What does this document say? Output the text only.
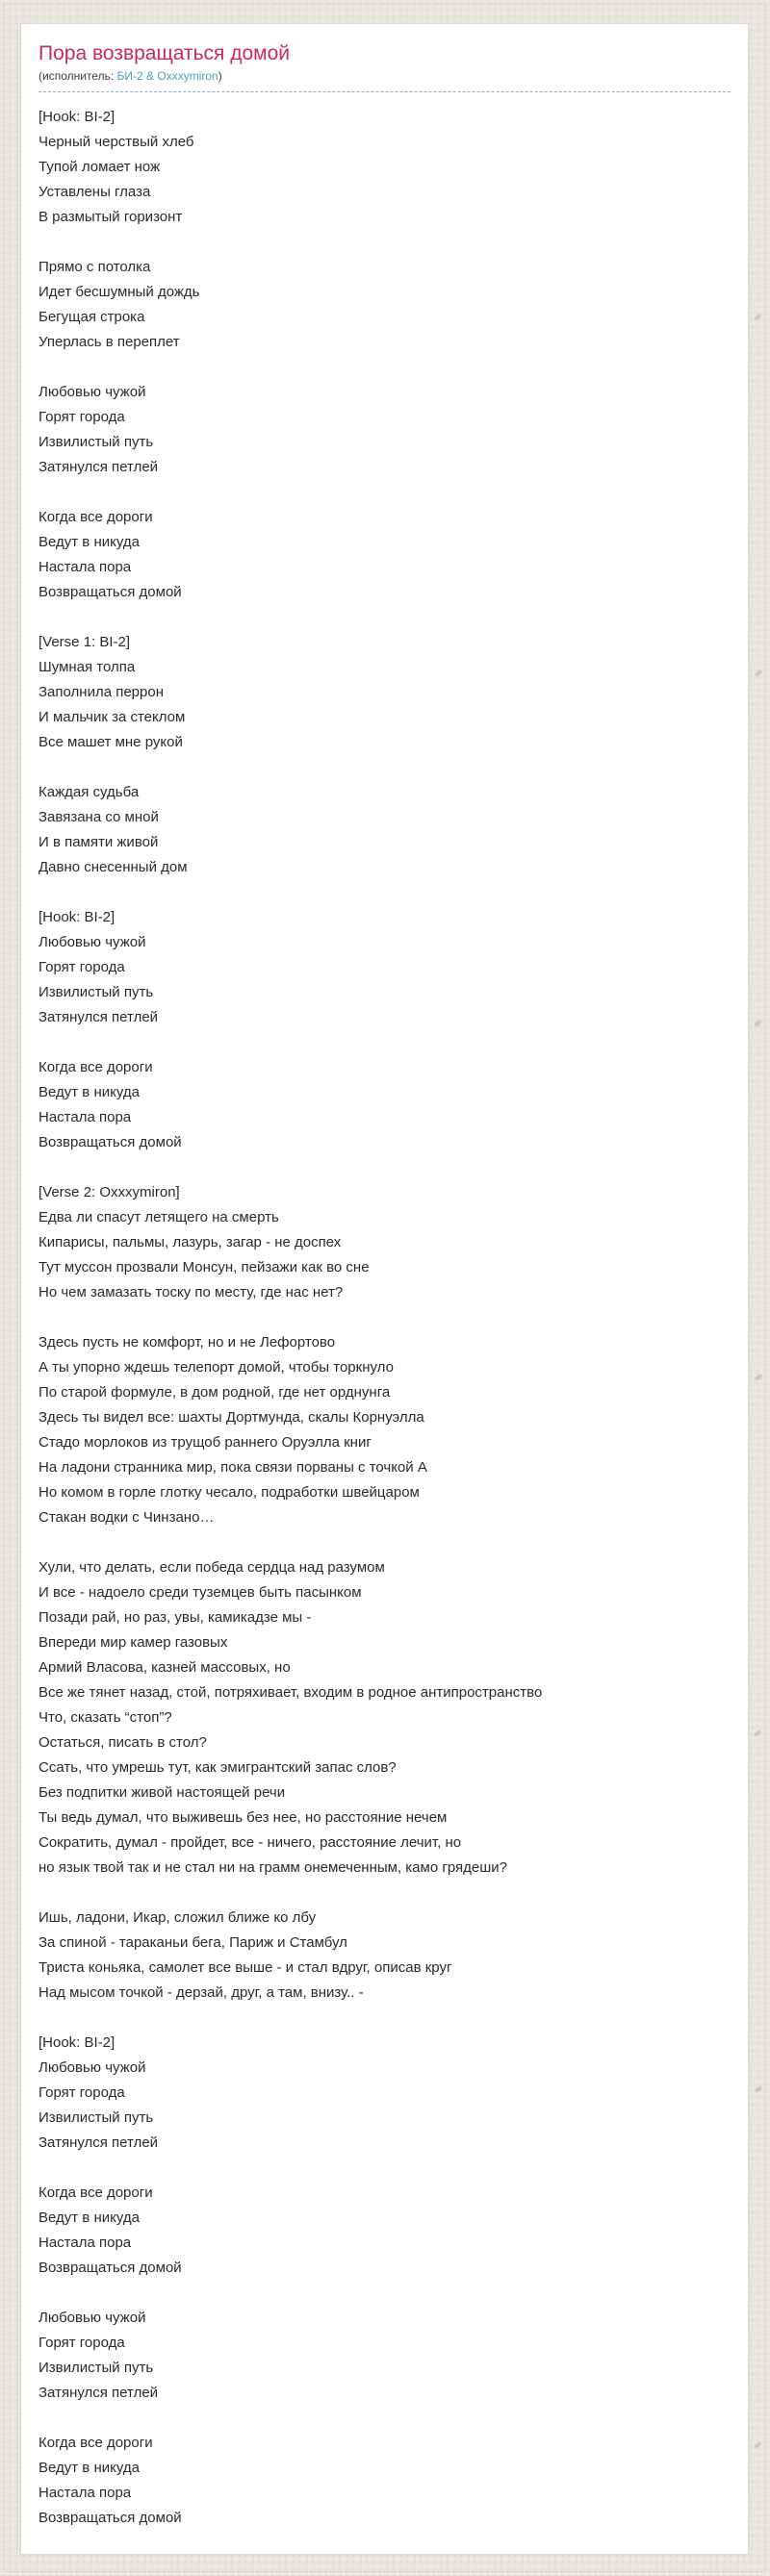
Пора возвращаться домой
(исполнитель: БИ-2 & Oxxxymiron)
[Hook: BI-2]
Черный черствый хлеб
Тупой ломает нож
Уставлены глаза
В размытый горизонт

Прямо с потолка
Идет бесшумный дождь
Бегущая строка
Уперлась в переплет

Любовью чужой
Горят города
Извилистый путь
Затянулся петлей

Когда все дороги
Ведут в никуда
Настала пора
Возвращаться домой

[Verse 1: BI-2]
Шумная толпа
Заполнила перрон
И мальчик за стеклом
Все машет мне рукой

Каждая судьба
Завязана со мной
И в памяти живой
Давно снесенный дом

[Hook: BI-2]
Любовью чужой
Горят города
Извилистый путь
Затянулся петлей

Когда все дороги
Ведут в никуда
Настала пора
Возвращаться домой

[Verse 2: Oxxxymiron]
Едва ли спасут летящего на смерть
Кипарисы, пальмы, лазурь, загар - не доспех
Тут муссон прозвали Монсун, пейзажи как во сне
Но чем замазать тоску по месту, где нас нет?

Здесь пусть не комфорт, но и не Лефортово
А ты упорно ждешь телепорт домой, чтобы торкнуло
По старой формуле, в дом родной, где нет орднунга
Здесь ты видел все: шахты Дортмунда, скалы Корнуэлла
Стадо морлоков из трущоб раннего Оруэлла книг
На ладони странника мир, пока связи порваны с точкой А
Но комом в горле глотку чесало, подработки швейцаром
Стакан водки с Чинзано…

Хули, что делать, если победа сердца над разумом
И все - надоело среди туземцев быть пасынком
Позади рай, но раз, увы, камикадзе мы -
Впереди мир камер газовых
Армий Власова, казней массовых, но
Все же тянет назад, стой, потряхивает, входим в родное антипространство
Что, сказать “стоп”?
Остаться, писать в стол?
Ссать, что умрешь тут, как эмигрантский запас слов?
Без подпитки живой настоящей речи
Ты ведь думал, что выживешь без нее, но расстояние нечем
Сократить, думал - пройдет, все - ничего, расстояние лечит, но
но язык твой так и не стал ни на грамм онемеченным, камо грядеши?

Ишь, ладони, Икар, сложил ближе ко лбу
За спиной - тараканьи бега, Париж и Стамбул
Триста коньяка, самолет все выше - и стал вдруг, описав круг
Над мысом точкой - дерзай, друг, а там, внизу.. -

[Hook: BI-2]
Любовью чужой
Горят города
Извилистый путь
Затянулся петлей

Когда все дороги
Ведут в никуда
Настала пора
Возвращаться домой

Любовью чужой
Горят города
Извилистый путь
Затянулся петлей

Когда все дороги
Ведут в никуда
Настала пора
Возвращаться домой
